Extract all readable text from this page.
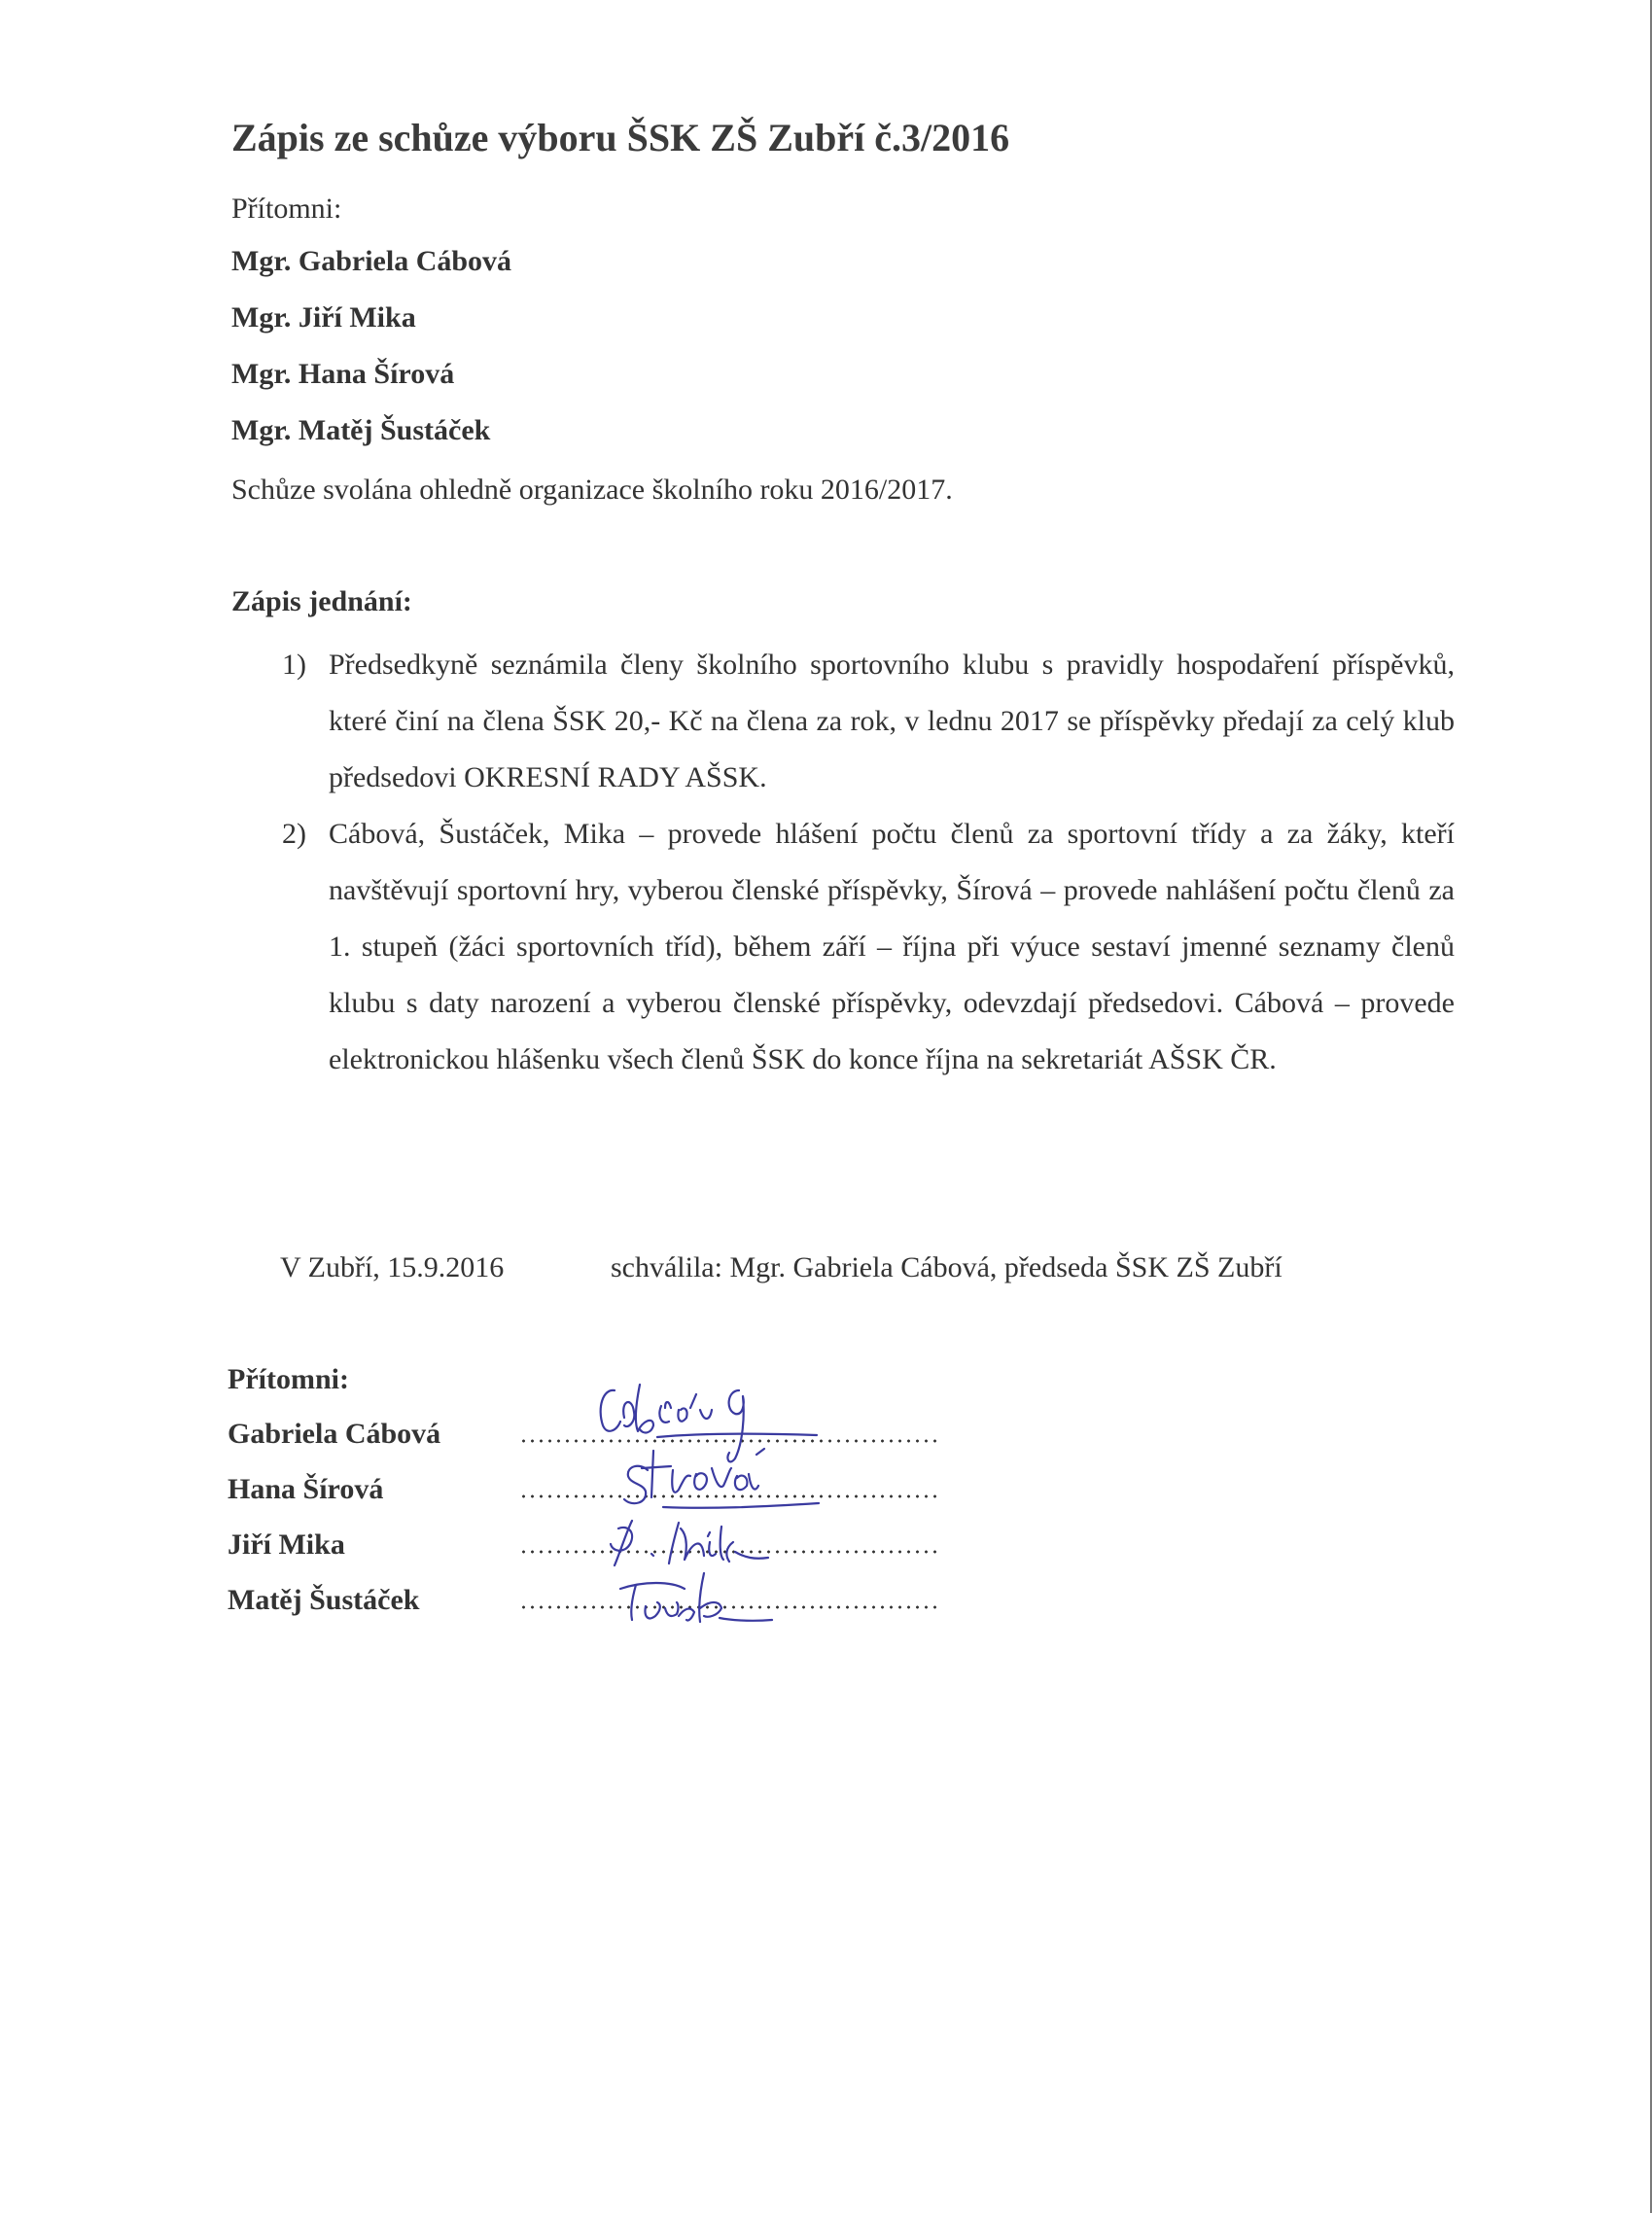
Zápis ze schůze výboru ŠSK ZŠ Zubří č.3/2016
Přítomni:
Mgr. Gabriela Cábová
Mgr. Jiří Mika
Mgr. Hana Šírová
Mgr. Matěj Šustáček
Schůze svolána ohledně organizace školního roku 2016/2017.
Zápis jednání:
1) Předsedkyně seznámila členy školního sportovního klubu s pravidly hospodaření příspěvků, které činí na člena ŠSK 20,- Kč na člena za rok, v lednu 2017 se příspěvky předají za celý klub předsedovi OKRESNÍ RADY AŠSK.
2) Cábová, Šustáček, Mika – provede hlášení počtu členů za sportovní třídy a za žáky, kteří navštěvují sportovní hry, vyberou členské příspěvky, Šírová – provede nahlášení počtu členů za 1. stupeň (žáci sportovních tříd), během září – října při výuce sestaví jmenné seznamy členů klubu s daty narození a vyberou členské příspěvky, odevzdají předsedovi. Cábová – provede elektronickou hlášenku všech členů ŠSK do konce října na sekretariát AŠSK ČR.
V Zubří, 15.9.2016	schválila: Mgr. Gabriela Cábová, předseda ŠSK ZŠ Zubří
Přítomni:
Gabriela Cábová
Hana Šírová
Jiří Mika
Matěj Šustáček
